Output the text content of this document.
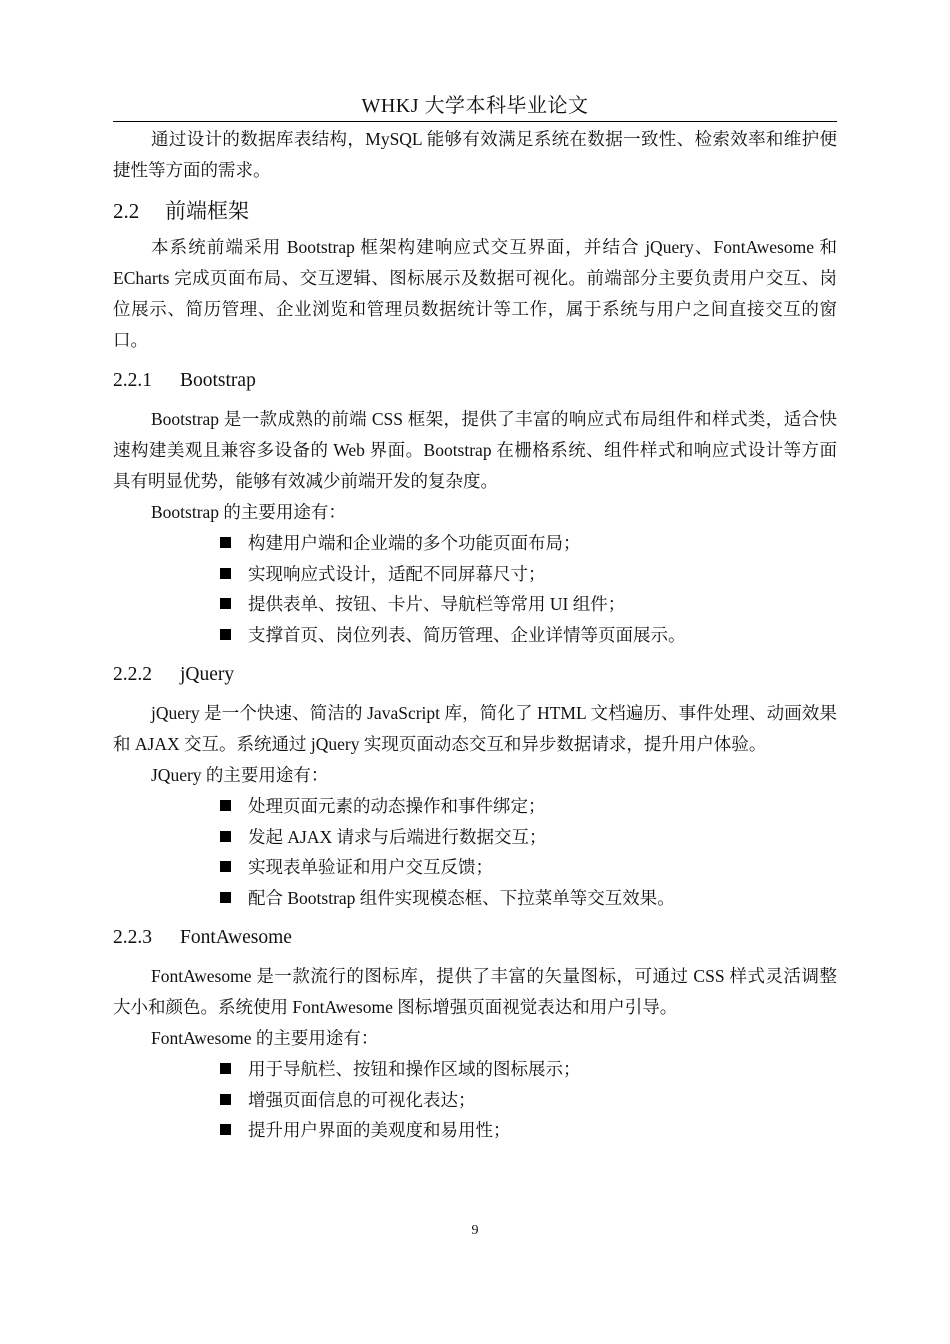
WHKJ 大学本科毕业论文

通过设计的数据库表结构，MySQL 能够有效满足系统在数据一致性、检索效率和维护便捷性等方面的需求。

2.2 前端框架

本系统前端采用 Bootstrap 框架构建响应式交互界面，并结合 jQuery、FontAwesome 和 ECharts 完成页面布局、交互逻辑、图标展示及数据可视化。前端部分主要负责用户交互、岗位展示、简历管理、企业浏览和管理员数据统计等工作，属于系统与用户之间直接交互的窗口。

2.2.1 Bootstrap

Bootstrap 是一款成熟的前端 CSS 框架，提供了丰富的响应式布局组件和样式类，适合快速构建美观且兼容多设备的 Web 界面。Bootstrap 在栅格系统、组件样式和响应式设计等方面具有明显优势，能够有效减少前端开发的复杂度。

Bootstrap 的主要用途有：

构建用户端和企业端的多个功能页面布局；
实现响应式设计，适配不同屏幕尺寸；
提供表单、按钮、卡片、导航栏等常用 UI 组件；
支撑首页、岗位列表、简历管理、企业详情等页面展示。
2.2.2 jQuery

jQuery 是一个快速、简洁的 JavaScript 库，简化了 HTML 文档遍历、事件处理、动画效果和 AJAX 交互。系统通过 jQuery 实现页面动态交互和异步数据请求，提升用户体验。

JQuery 的主要用途有：

处理页面元素的动态操作和事件绑定；
发起 AJAX 请求与后端进行数据交互；
实现表单验证和用户交互反馈；
配合 Bootstrap 组件实现模态框、下拉菜单等交互效果。
2.2.3 FontAwesome

FontAwesome 是一款流行的图标库，提供了丰富的矢量图标，可通过 CSS 样式灵活调整大小和颜色。系统使用 FontAwesome 图标增强页面视觉表达和用户引导。

FontAwesome 的主要用途有：

用于导航栏、按钮和操作区域的图标展示；
增强页面信息的可视化表达；
提升用户界面的美观度和易用性；
9
